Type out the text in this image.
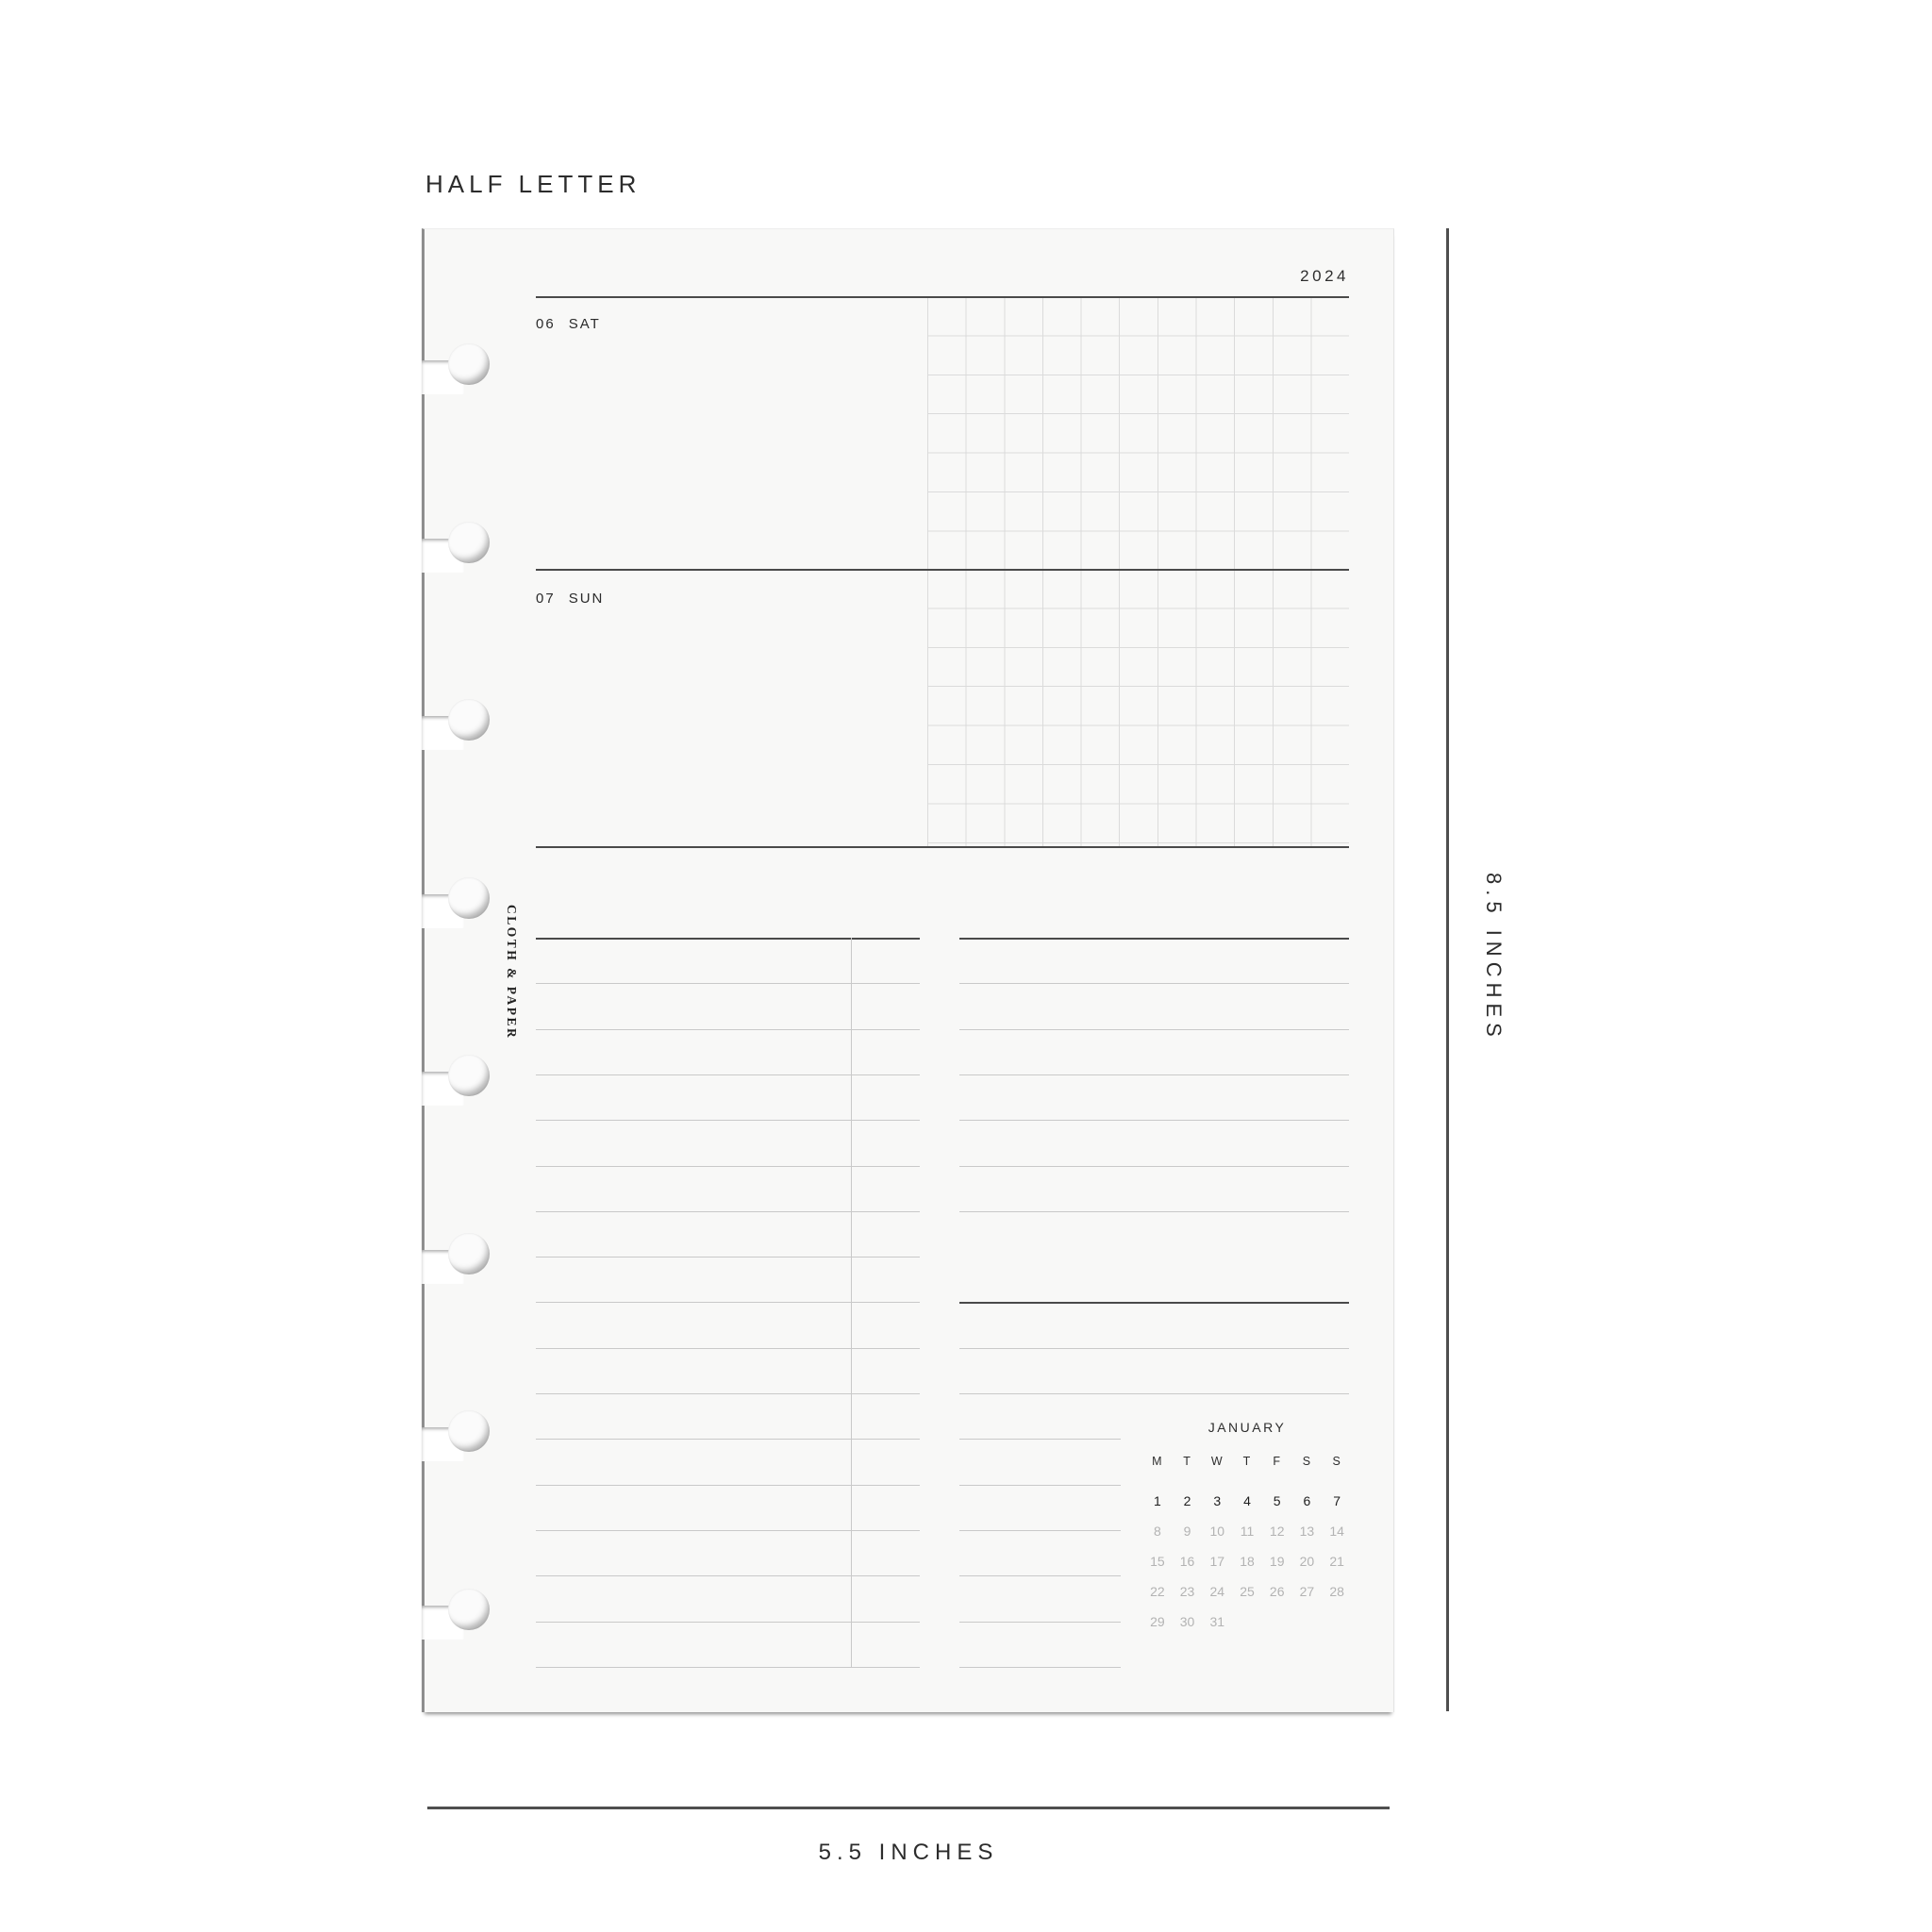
HALF LETTER
2024
06 SAT
07 SUN
CLOTH & PAPER
JANUARY
M	T	W	T	F	S	S
1	2	3	4	5	6	7
8	9	10	11	12	13	14
15	16	17	18	19	20	21
22	23	24	25	26	27	28
29	30	31
8.5 INCHES
5.5 INCHES
